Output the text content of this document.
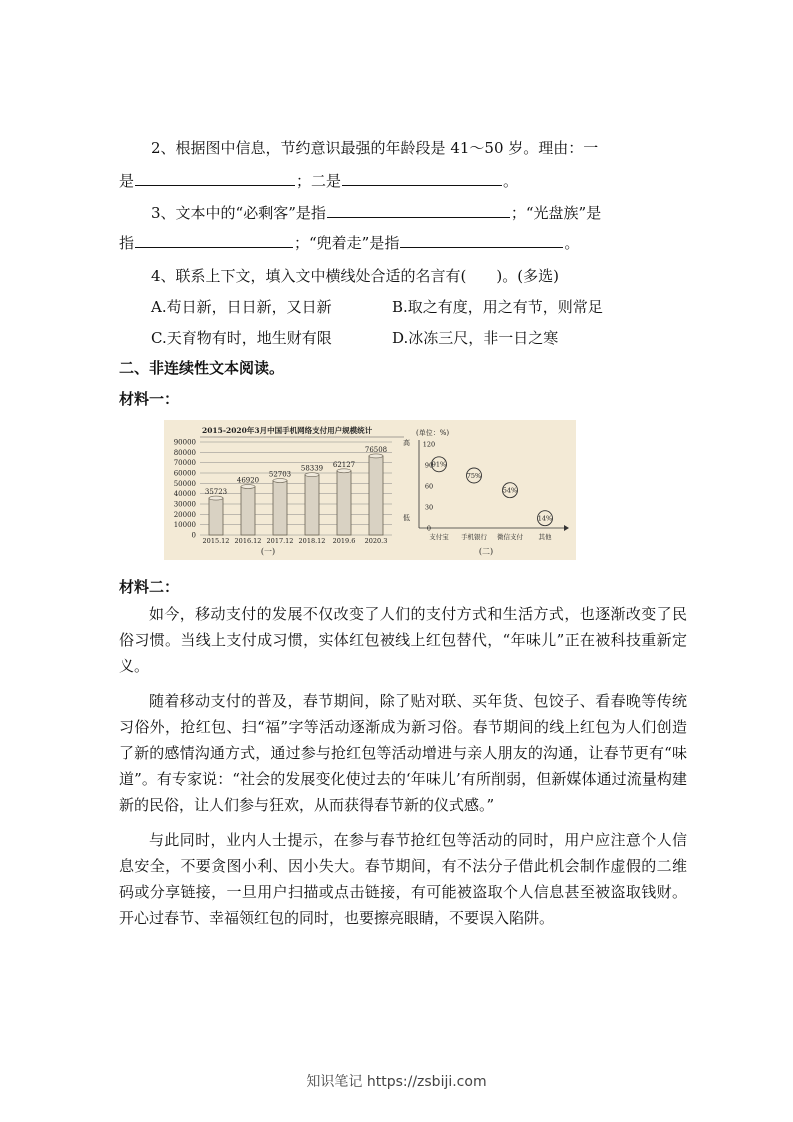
2、根据图中信息，节约意识最强的年龄段是 41～50 岁。理由：一
是	；二是	。
3、文本中的“必剩客”是指	；“光盘族”是
指	；“兜着走”是指	。
4、联系上下文，填入文中横线处合适的名言有(　　)。(多选)
A.苟日新，日日新，又日新	B.取之有度，用之有节，则常足
C.天育物有时，地生财有限	D.冰冻三尺，非一日之寒
二、非连续性文本阅读。
材料一：
2015-2020年3月中国手机网络支付用户规模统计
90000
80000
70000
60000
50000
40000
30000
20000
10000
0
35723
46920
52703
58339 62127
76508
2015.12 2016.12 2017.12 2018.12 2019.6 2020.3
(一)
(单位：%)
高
低
120
90
60
30
0
91%
75%
54%
14%
支付宝 手机银行 微信支付 其他
(二)
材料二：

如今，移动支付的发展不仅改变了人们的支付方式和生活方式，也逐渐改变了民俗习惯。当线上支付成习惯，实体红包被线上红包替代，“年味儿”正在被科技重新定义。

随着移动支付的普及，春节期间，除了贴对联、买年货、包饺子、看春晚等传统习俗外，抢红包、扫“福”字等活动逐渐成为新习俗。春节期间的线上红包为人们创造了新的感情沟通方式，通过参与抢红包等活动增进与亲人朋友的沟通，让春节更有“味道”。有专家说：“社会的发展变化使过去的‘年味儿’有所削弱，但新媒体通过流量构建新的民俗，让人们参与狂欢，从而获得春节新的仪式感。”

与此同时，业内人士提示，在参与春节抢红包等活动的同时，用户应注意个人信息安全，不要贪图小利、因小失大。春节期间，有不法分子借此机会制作虚假的二维码或分享链接，一旦用户扫描或点击链接，有可能被盗取个人信息甚至被盗取钱财。开心过春节、幸福领红包的同时，也要擦亮眼睛，不要误入陷阱。

知识笔记 https://zsbiji.com
